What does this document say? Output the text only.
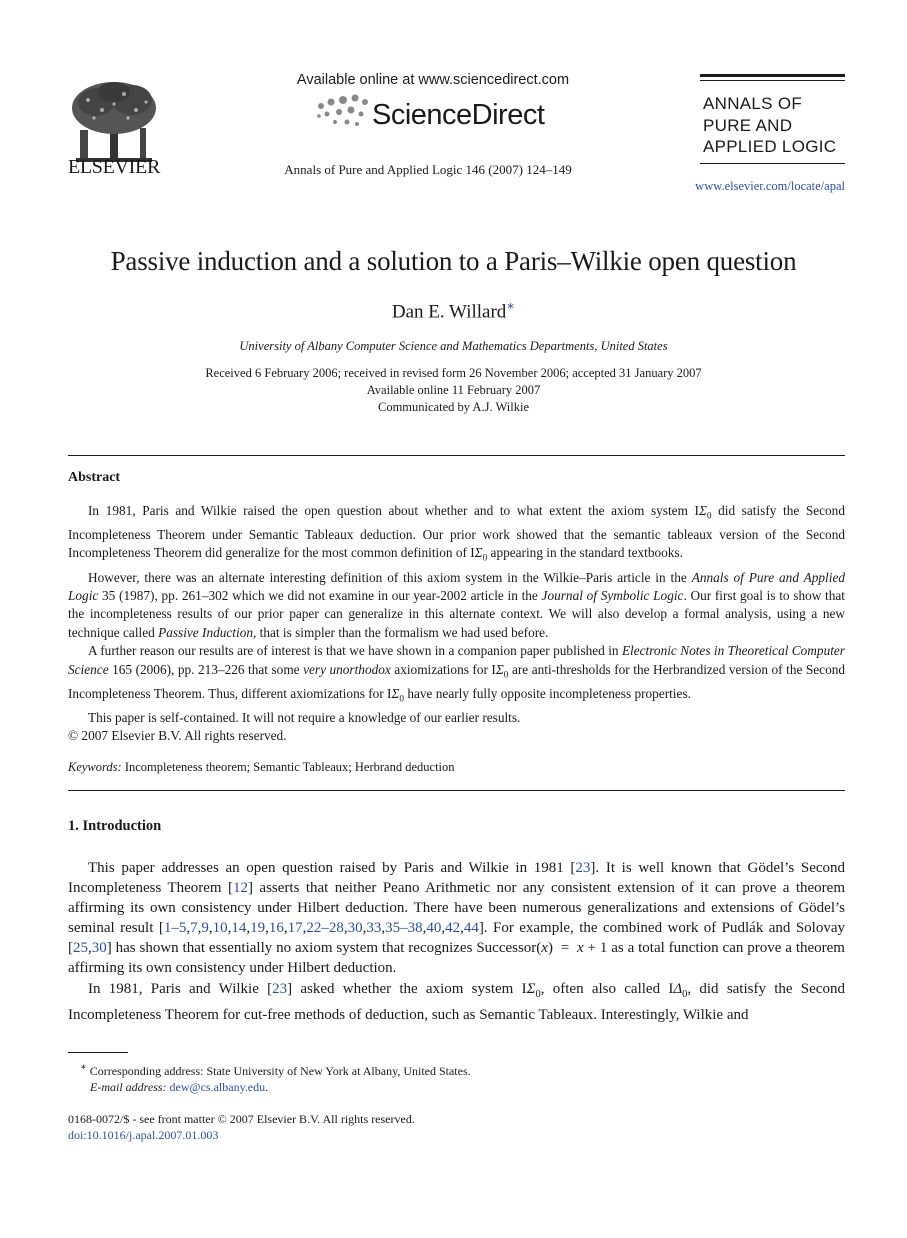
ELSEVIER
Available online at www.sciencedirect.com
ScienceDirect
Annals of Pure and Applied Logic 146 (2007) 124–149
ANNALS OF
PURE AND
APPLIED LOGIC
www.elsevier.com/locate/apal
Passive induction and a solution to a Paris–Wilkie open question
Dan E. Willard∗
University of Albany Computer Science and Mathematics Departments, United States
Received 6 February 2006; received in revised form 26 November 2006; accepted 31 January 2007
Available online 11 February 2007
Communicated by A.J. Wilkie
Abstract

In 1981, Paris and Wilkie raised the open question about whether and to what extent the axiom system $I\Sigma_0$ did satisfy the Second Incompleteness Theorem under Semantic Tableaux deduction. Our prior work showed that the semantic tableaux version of the Second Incompleteness Theorem did generalize for the most common definition of $I\Sigma_0$ appearing in the standard textbooks.

However, there was an alternate interesting definition of this axiom system in the Wilkie–Paris article in the Annals of Pure and Applied Logic 35 (1987), pp. 261–302 which we did not examine in our year-2002 article in the Journal of Symbolic Logic. Our first goal is to show that the incompleteness results of our prior paper can generalize in this alternate context. We will also develop a formal analysis, using a new technique called Passive Induction, that is simpler than the formalism we had used before.

A further reason our results are of interest is that we have shown in a companion paper published in Electronic Notes in Theoretical Computer Science 165 (2006), pp. 213–226 that some very unorthodox axiomizations for $I\Sigma_0$ are anti-thresholds for the Herbrandized version of the Second Incompleteness Theorem. Thus, different axiomizations for $I\Sigma_0$ have nearly fully opposite incompleteness properties.

This paper is self-contained. It will not require a knowledge of our earlier results.

© 2007 Elsevier B.V. All rights reserved.

Keywords: Incompleteness theorem; Semantic Tableaux; Herbrand deduction
1. Introduction

This paper addresses an open question raised by Paris and Wilkie in 1981 [23]. It is well known that Gödel’s Second Incompleteness Theorem [12] asserts that neither Peano Arithmetic nor any consistent extension of it can prove a theorem affirming its own consistency under Hilbert deduction. There have been numerous generalizations and extensions of Gödel’s seminal result [1–5,7,9,10,14,19,16,17,22–28,30,33,35–38,40,42,44]. For example, the combined work of Pudlák and Solovay [25,30] has shown that essentially no axiom system that recognizes Successor(x)  =  x + 1 as a total function can prove a theorem affirming its own consistency under Hilbert deduction.

In 1981, Paris and Wilkie [23] asked whether the axiom system $I\Sigma_0$, often also called $I\Delta_0$, did satisfy the Second Incompleteness Theorem for cut-free methods of deduction, such as Semantic Tableaux. Interestingly, Wilkie and

∗ Corresponding address: State University of New York at Albany, United States.
E-mail address: dew@cs.albany.edu.
0168-0072/$ - see front matter © 2007 Elsevier B.V. All rights reserved.
doi:10.1016/j.apal.2007.01.003
